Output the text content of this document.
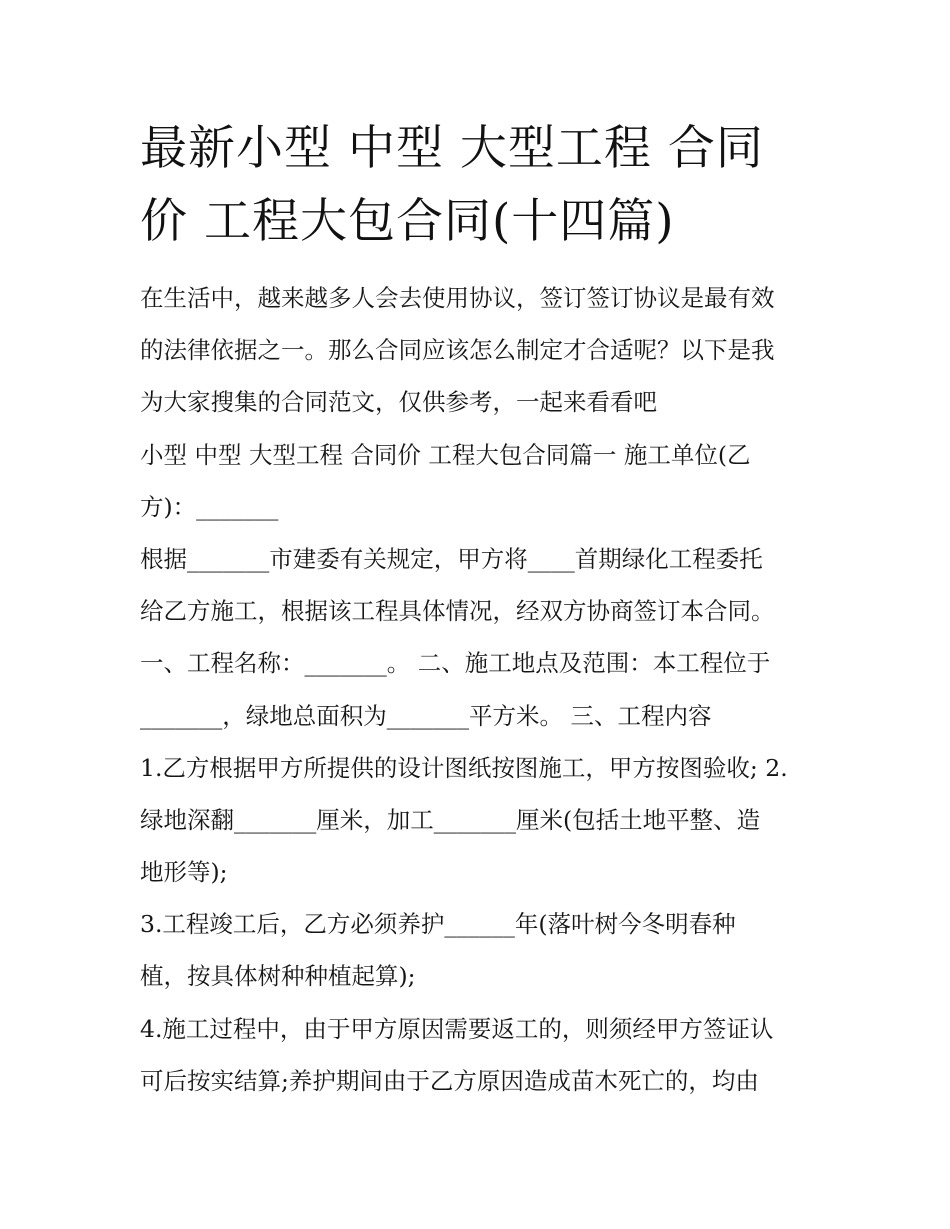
最新小型 中型 大型工程 合同
价 工程大包合同(十四篇)
在生活中，越来越多人会去使用协议，签订签订协议是最有效
的法律依据之一。那么合同应该怎么制定才合适呢？以下是我
为大家搜集的合同范文，仅供参考，一起来看看吧
小型 中型 大型工程 合同价 工程大包合同篇一 施工单位(乙
方)：_______
根据_______市建委有关规定，甲方将____首期绿化工程委托
给乙方施工，根据该工程具体情况，经双方协商签订本合同。
一、工程名称：_______。 二、施工地点及范围：本工程位于
_______，绿地总面积为_______平方米。 三、工程内容
1.乙方根据甲方所提供的设计图纸按图施工，甲方按图验收; 2.
绿地深翻_______厘米，加工_______厘米(包括土地平整、造
地形等);
3.工程竣工后，乙方必须养护______年(落叶树今冬明春种
植，按具体树种种植起算);
4.施工过程中，由于甲方原因需要返工的，则须经甲方签证认
可后按实结算;养护期间由于乙方原因造成苗木死亡的，均由
